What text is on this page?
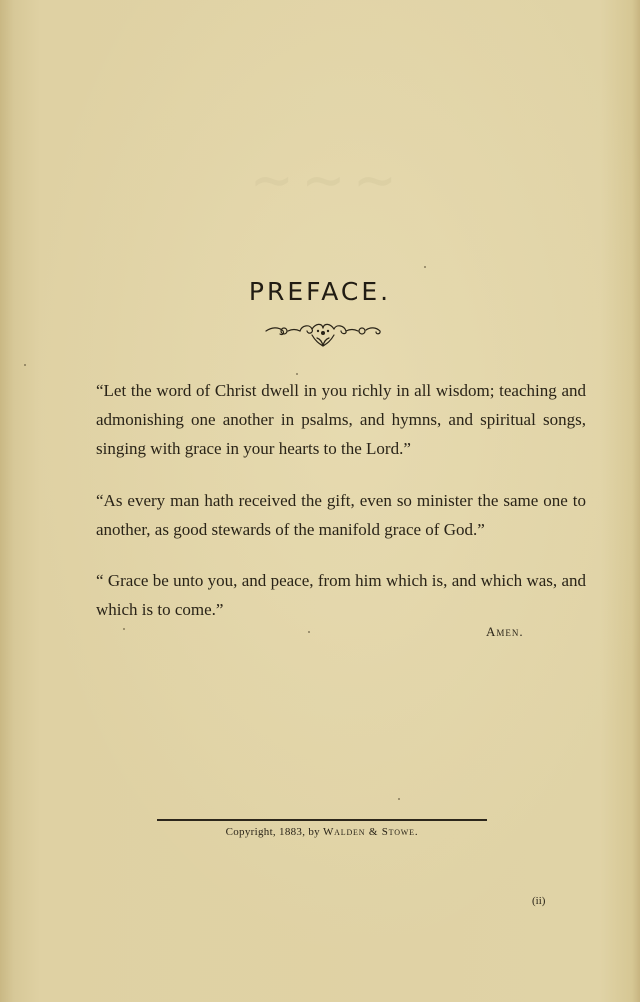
∼∼∼
PREFACE.

“Let the word of Christ dwell in you richly in all wisdom; teaching and admonishing one another in psalms, and hymns, and spiritual songs, singing with grace in your hearts to the Lord.”

“As every man hath received the gift, even so minister the same one to another, as good stewards of the manifold grace of God.”

“ Grace be unto you, and peace, from him which is, and which was, and which is to come.”

Amen.
Copyright, 1883, by Walden & Stowe.
(ii)
